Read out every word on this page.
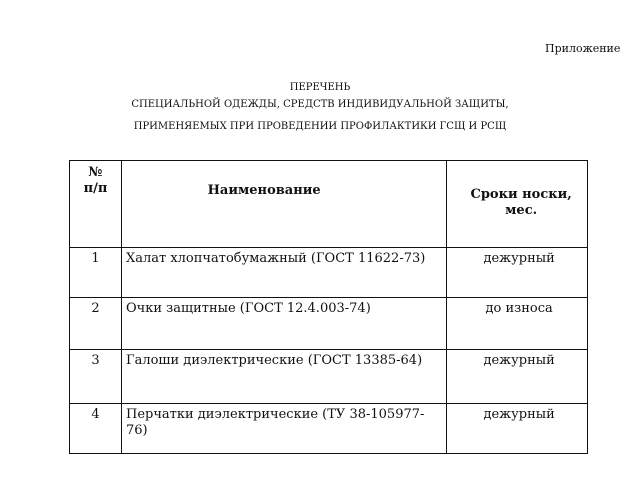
Приложение
ПЕРЕЧЕНЬ
СПЕЦИАЛЬНОЙ ОДЕЖДЫ, СРЕДСТВ ИНДИВИДУАЛЬНОЙ ЗАЩИТЫ,
ПРИМЕНЯЕМЫХ ПРИ ПРОВЕДЕНИИ ПРОФИЛАКТИКИ ГСЩ И РСЩ
№
п/п	Наименование	Сроки носки, мес.
1	Халат хлопчатобумажный (ГОСТ 11622-73)	дежурный
2	Очки защитные (ГОСТ 12.4.003-74)	до износа
3	Галоши диэлектрические (ГОСТ 13385-64)	дежурный
4	Перчатки диэлектрические (ТУ 38-105977-76)	дежурный
